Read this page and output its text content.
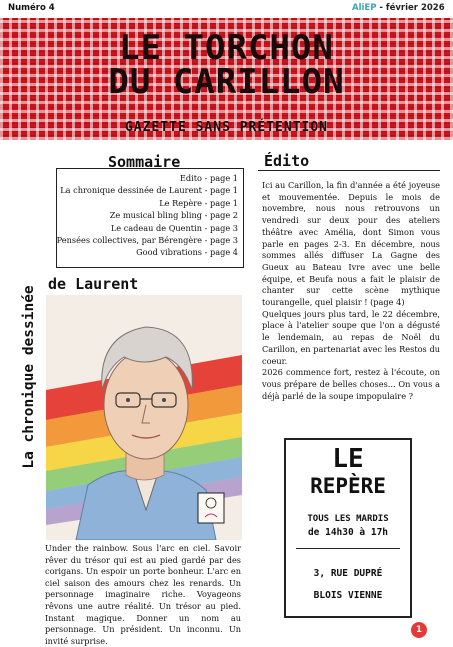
Numéro 4	AliEP - février 2026
LE TORCHON
DU CARILLON
GAZETTE SANS PRÉTENTION
Sommaire
Edito - page 1
La chronique dessinée de Laurent - page 1
Le Repère - page 1
Ze musical bling bling - page 2
Le cadeau de Quentin - page 3
Pensées collectives, par Bérengère - page 3
Good vibrations - page 4
La chronique dessinée
de Laurent
Under the rainbow. Sous l'arc en ciel. Savoir rêver du trésor qui est au pied gardé par des corigans. Un espoir un porte bonheur. L'arc en ciel saison des amours chez les renards. Un personnage imaginaire riche. Voyageons rêvons une autre réalité. Un trésor au pied. Instant magique. Donner un nom au personnage. Un président. Un inconnu. Un invité surprise.
Édito

Ici au Carillon, la fin d'année a été joyeuse et mouvementée. Depuis le mois de novembre, nous nous retrouvons un vendredi sur deux pour des ateliers théâtre avec Amélia, dont Simon vous parle en pages 2-3. En décembre, nous sommes allés diffuser La Gagne des Gueux au Bateau Ivre avec une belle équipe, et Beufa nous a fait le plaisir de chanter sur cette scène mythique tourangelle, quel plaisir ! (page 4)

Quelques jours plus tard, le 22 décembre, place à l'atelier soupe que l'on a dégusté le lendemain, au repas de Noël du Carillon, en partenariat avec les Restos du coeur.

2026 commence fort, restez à l'écoute, on vous prépare de belles choses... On vous a déjà parlé de la soupe impopulaire ?

LE
REPÈRE
TOUS LES MARDIS
de 14h30 à 17h
3, RUE DUPRÉ
BLOIS VIENNE
1
